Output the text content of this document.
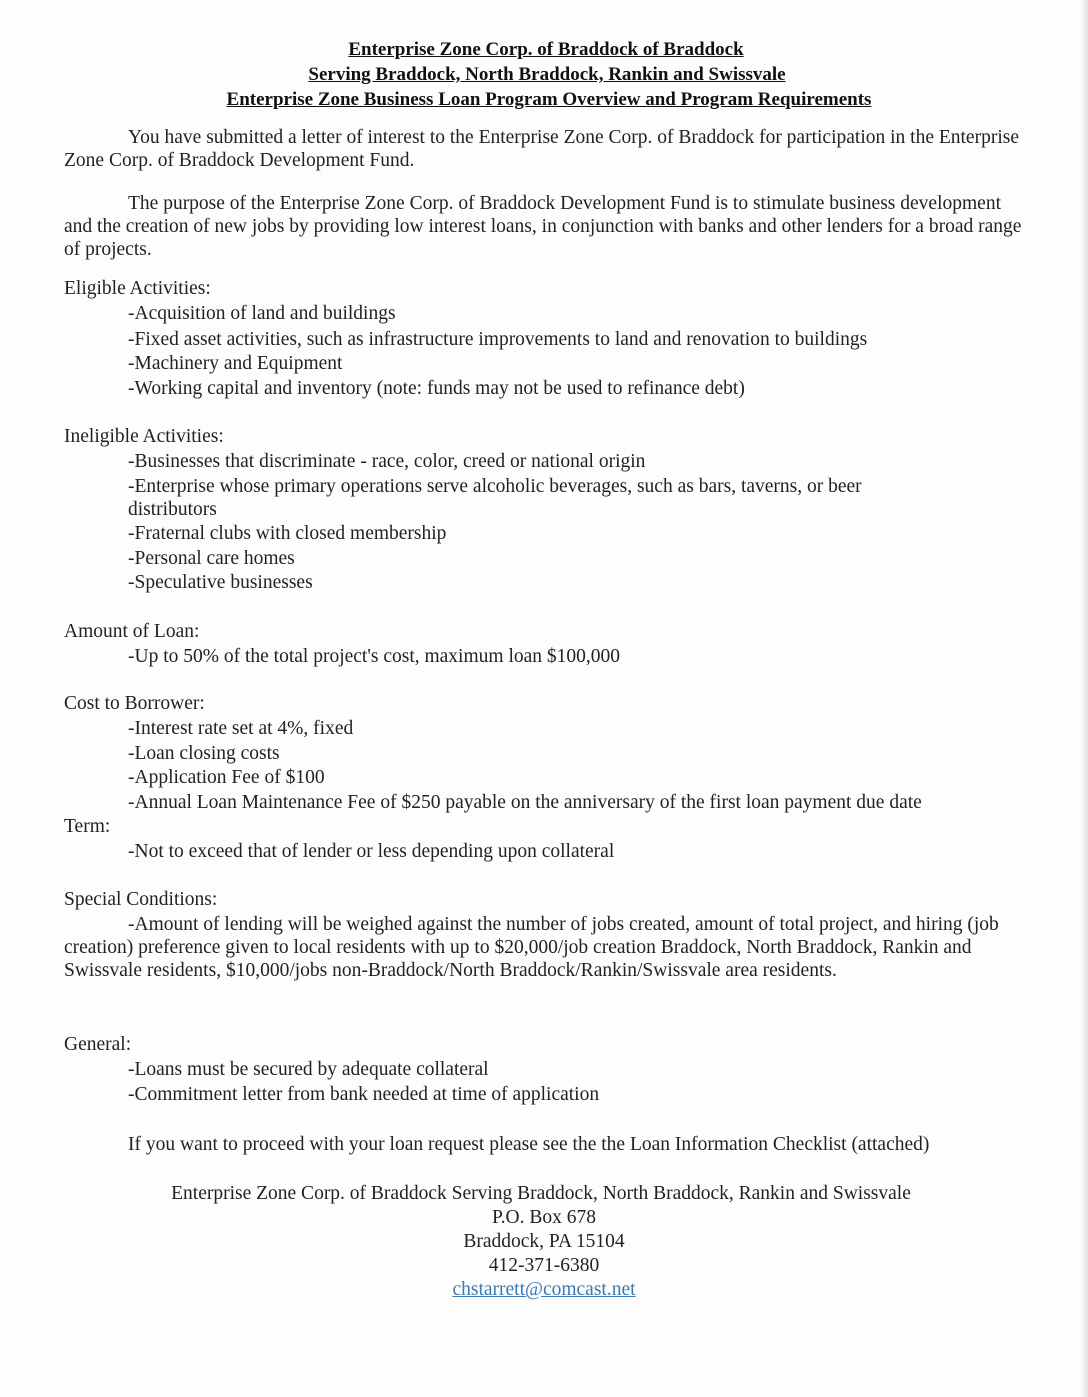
Enterprise Zone Corp. of Braddock of Braddock
Serving Braddock, North Braddock, Rankin and Swissvale
Enterprise Zone Business Loan Program Overview and Program Requirements
You have submitted a letter of interest to the Enterprise Zone Corp. of Braddock for participation in the Enterprise Zone Corp. of Braddock Development Fund.
The purpose of the Enterprise Zone Corp. of Braddock Development Fund is to stimulate business development and the creation of new jobs by providing low interest loans, in conjunction with banks and other lenders for a broad range of projects.
Eligible Activities:
-Acquisition of land and buildings
-Fixed asset activities, such as infrastructure improvements to land and renovation to buildings
-Machinery and Equipment
-Working capital and inventory (note: funds may not be used to refinance debt)
Ineligible Activities:
-Businesses that discriminate - race, color, creed or national origin
-Enterprise whose primary operations serve alcoholic beverages, such as bars, taverns, or beer distributors
-Fraternal clubs with closed membership
-Personal care homes
-Speculative businesses
Amount of Loan:
-Up to 50% of the total project's cost, maximum loan $100,000
Cost to Borrower:
-Interest rate set at 4%, fixed
-Loan closing costs
-Application Fee of $100
-Annual Loan Maintenance Fee of $250 payable on the anniversary of the first loan payment due date
Term:
-Not to exceed that of lender or less depending upon collateral
Special Conditions:
-Amount of lending will be weighed against the number of jobs created, amount of total project, and hiring (job creation) preference given to local residents with up to $20,000/job creation Braddock, North Braddock, Rankin and Swissvale residents, $10,000/jobs non-Braddock/North Braddock/Rankin/Swissvale area residents.
General:
-Loans must be secured by adequate collateral
-Commitment letter from bank needed at time of application
If you want to proceed with your loan request please see the the Loan Information Checklist (attached)
Enterprise Zone Corp. of Braddock Serving Braddock, North Braddock, Rankin and Swissvale
P.O. Box 678
Braddock, PA 15104
412-371-6380
chstarrett@comcast.net
